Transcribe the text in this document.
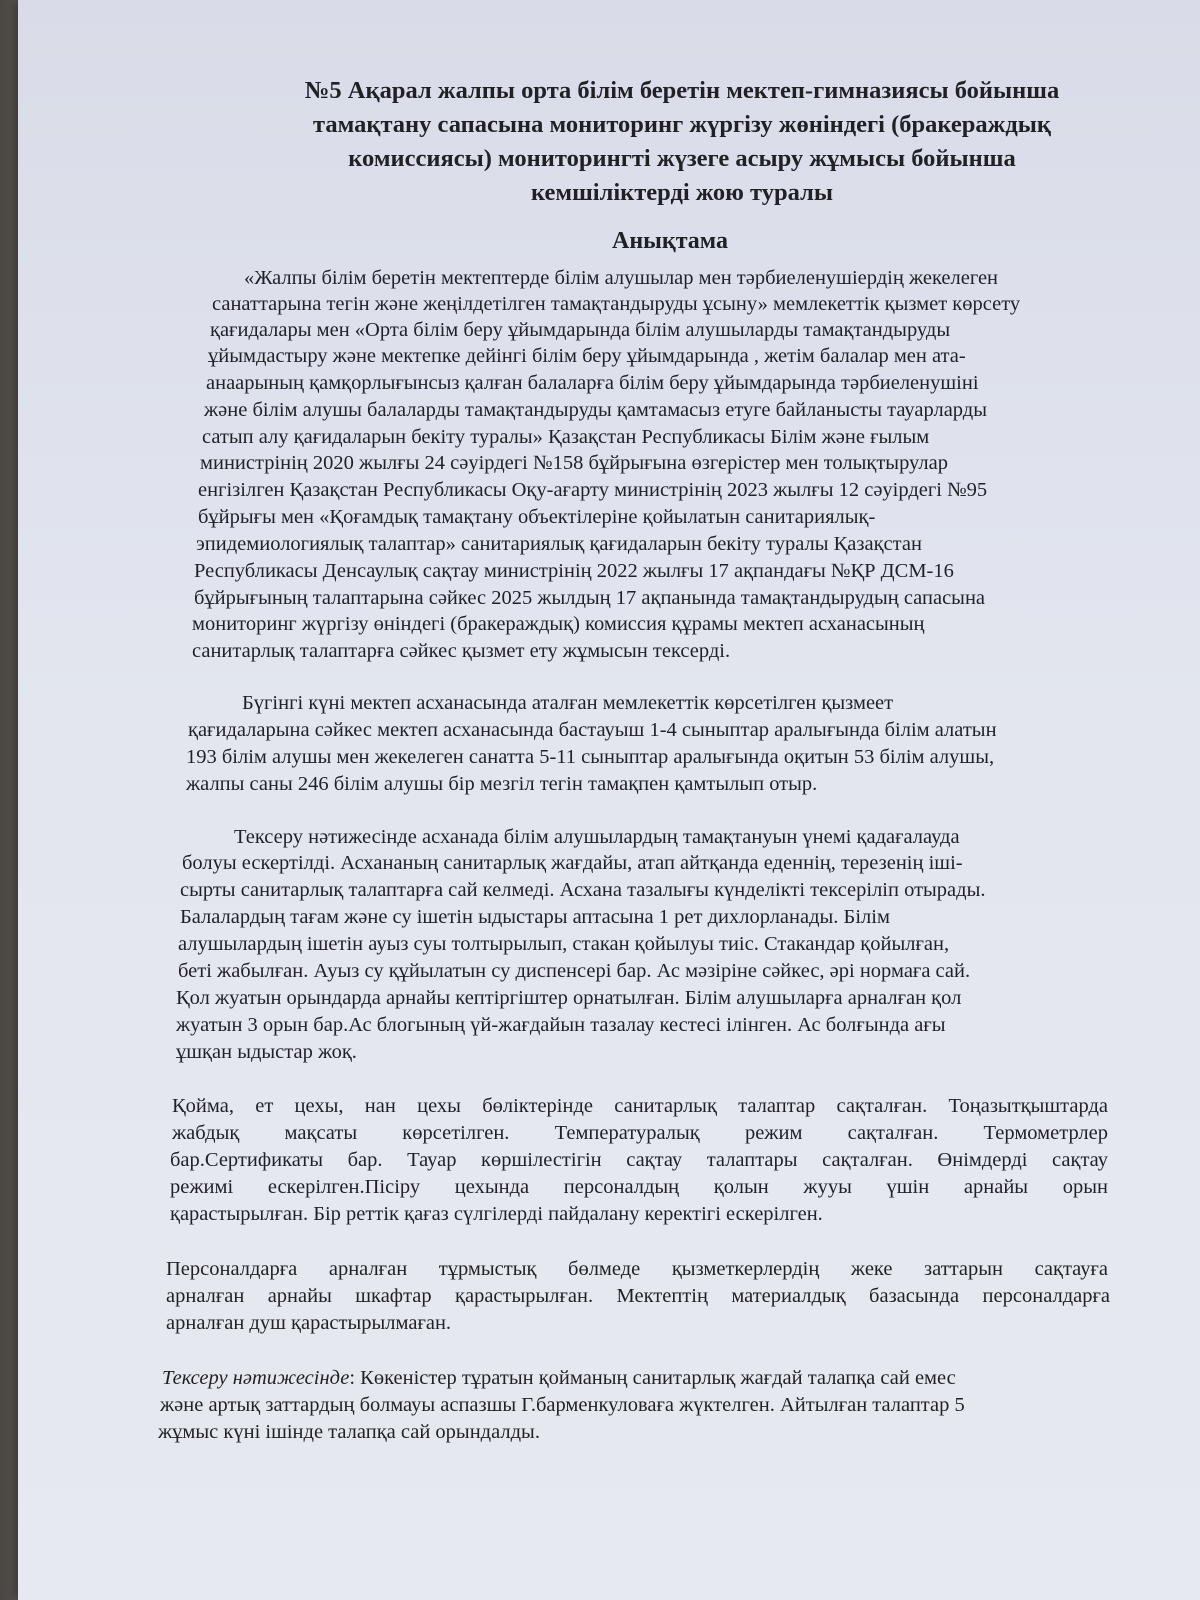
№5 Ақарал жалпы орта білім беретін мектеп-гимназиясы бойынша
тамақтану сапасына мониторинг жүргізу жөніндегі (бракераждық
комиссиясы) мониторингті жүзеге асыру жұмысы бойынша
кемшіліктерді жою туралы
Анықтама
«Жалпы білім беретін мектептерде білім алушылар мен тәрбиеленушіердің жекелеген
санаттарына тегін және жеңілдетілген тамақтандыруды ұсыну» мемлекеттік қызмет көрсету
қағидалары мен «Орта білім беру ұйымдарында білім алушыларды тамақтандыруды
ұйымдастыру және мектепке дейінгі білім беру ұйымдарында , жетім балалар мен ата-
анаарының қамқорлығынсыз қалған балаларға білім беру ұйымдарында тәрбиеленушіні
және білім алушы балаларды тамақтандыруды қамтамасыз етуге байланысты тауарларды
сатып алу қағидаларын бекіту туралы» Қазақстан Республикасы Білім және ғылым
министрінің 2020 жылғы 24 сәуірдегі №158 бұйрығына өзгерістер мен толықтырулар
енгізілген Қазақстан Республикасы Оқу-ағарту министрінің 2023 жылғы 12 сәуірдегі №95
бұйрығы мен «Қоғамдық тамақтану объектілеріне қойылатын санитариялық-
эпидемиологиялық талаптар» санитариялық қағидаларын бекіту туралы Қазақстан
Республикасы Денсаулық сақтау министрінің 2022 жылғы 17 ақпандағы №ҚР ДСМ-16
бұйрығының талаптарына сәйкес 2025 жылдың 17 ақпанында тамақтандырудың сапасына
мониторинг жүргізу өніндегі (бракераждық) комиссия құрамы мектеп асханасының
санитарлық талаптарға сәйкес қызмет ету жұмысын тексерді.
Бүгінгі күні мектеп асханасында аталған мемлекеттік көрсетілген қызмеет
қағидаларына сәйкес мектеп асханасында бастауыш 1-4 сыныптар аралығында білім алатын
193 білім алушы мен жекелеген санатта 5-11 сыныптар аралығында оқитын 53 білім алушы,
жалпы саны 246 білім алушы бір мезгіл тегін тамақпен қамтылып отыр.
Тексеру нәтижесінде асханада білім алушылардың тамақтануын үнемі қадағалауда
болуы ескертілді. Асхананың санитарлық жағдайы, атап айтқанда еденнің, терезенің іші-
сырты санитарлық талаптарға сай келмеді. Асхана тазалығы күнделікті тексеріліп отырады.
Балалардың тағам және су ішетін ыдыстары аптасына 1 рет дихлорланады. Білім
алушылардың ішетін ауыз суы толтырылып, стакан қойылуы тиіс. Стакандар қойылған,
беті жабылған. Ауыз су құйылатын су диспенсері бар. Ас мәзіріне сәйкес, әрі нормаға сай.
Қол жуатын орындарда арнайы кептіргіштер орнатылған. Білім алушыларға арналған қол
жуатын 3 орын бар.Ас блогының үй-жағдайын тазалау кестесі ілінген. Ас болғында ағы
ұшқан ыдыстар жоқ.
Қойма, ет цехы, нан цехы бөліктерінде санитарлық талаптар сақталған. Тоңазытқыштарда
жабдық мақсаты көрсетілген. Температуралық режим сақталған. Термометрлер
бар.Сертификаты бар. Тауар көршілестігін сақтау талаптары сақталған. Өнімдерді сақтау
режимі ескерілген.Пісіру цехында персоналдың қолын жууы үшін арнайы орын
қарастырылған. Бір реттік қағаз сүлгілерді пайдалану керектігі ескерілген.
Персоналдарға арналған тұрмыстық бөлмеде қызметкерлердің жеке заттарын сақтауға
арналған арнайы шкафтар қарастырылған. Мектептің материалдық базасында персоналдарға
арналған душ қарастырылмаған.
Тексеру нәтижесінде: Көкеністер тұратын қойманың санитарлық жағдай талапқа сай емес
және артық заттардың болмауы аспазшы Г.барменкуловаға жүктелген. Айтылған талаптар 5
жұмыс күні ішінде талапқа сай орындалды.
